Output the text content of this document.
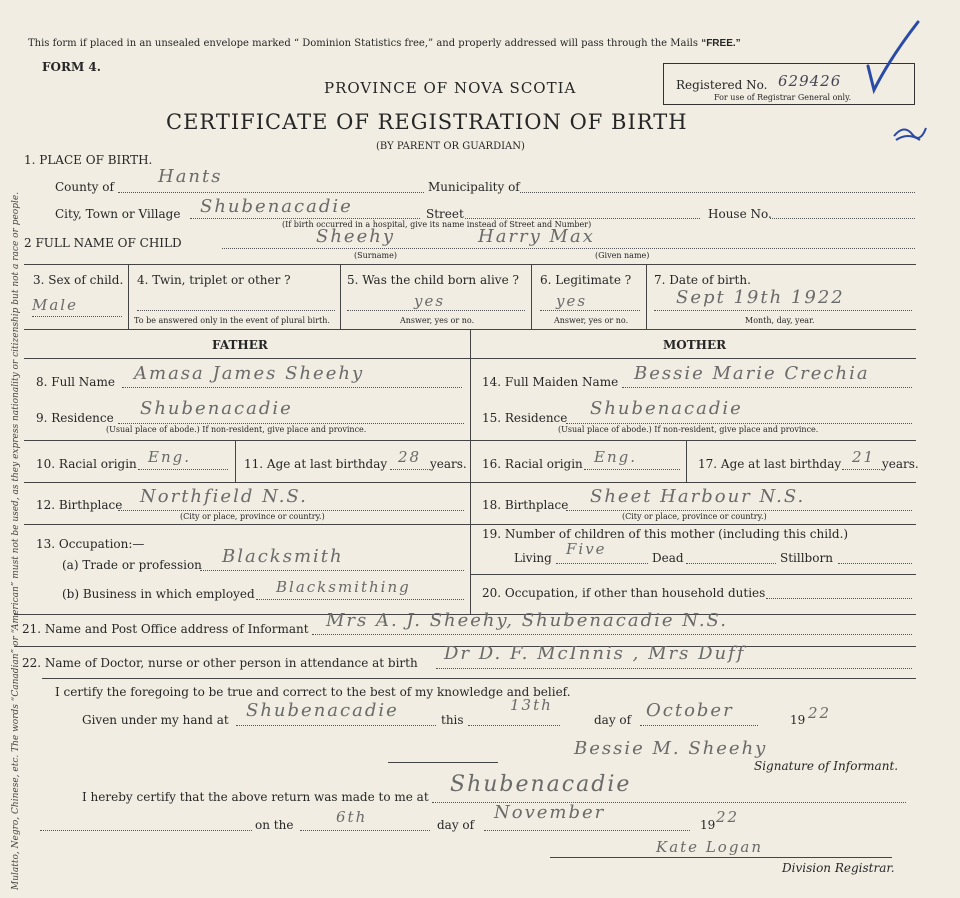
Mulatto, Negro, Chinese, etc. The words “Canadian” or “American” must not be used, as they express nationality or citizenship but not a race or people.
This form if placed in an unsealed envelope marked “ Dominion Statistics free,” and properly addressed will pass through the Mails “FREE.”
FORM 4.
PROVINCE OF NOVA SCOTIA
CERTIFICATE OF REGISTRATION OF BIRTH
(BY PARENT OR GUARDIAN)
Registered No. 629426
For use of Registrar General only.
1. PLACE OF BIRTH.
County of Hants	Municipality of
City, Town or Village Shubenacadie	Street
(If birth occurred in a hospital, give its name instead of Street and Number)
House No.
2 FULL NAME OF CHILD	Sheehy	Harry Max
(Surname)	(Given name)
3. Sex of child.
Male
4. Twin, triplet or other ?
To be answered only in the event of plural birth.
5. Was the child born alive ?
yes
Answer, yes or no.
6. Legitimate ?
yes
Answer, yes or no.
7. Date of birth.
Sept 19th 1922
Month, day, year.
FATHER	MOTHER
8. Full Name Amasa James Sheehy
9. Residence Shubenacadie
(Usual place of abode.) If non-resident, give place and province.
10. Racial origin Eng.	11. Age at last birthday 28 years.
12. Birthplace Northfield N.S.
(City or place, province or country.)
13. Occupation:—
(a) Trade or profession Blacksmith
(b) Business in which employed Blacksmithing
14. Full Maiden Name Bessie Marie Crechia
15. Residence Shubenacadie
(Usual place of abode.) If non-resident, give place and province.
16. Racial origin Eng.	17. Age at last birthday 21 years.
18. Birthplace Sheet Harbour N.S.
(City or place, province or country.)
19. Number of children of this mother (including this child.)
Living Five	Dead	Stillborn
20. Occupation, if other than household duties
21. Name and Post Office address of Informant Mrs A. J. Sheehy, Shubenacadie N.S.
22. Name of Doctor, nurse or other person in attendance at birth Dr D. F. McInnis , Mrs Duff
I certify the foregoing to be true and correct to the best of my knowledge and belief.
Given under my hand at Shubenacadie	this
13th
day of October	19 22
Bessie M. Sheehy
Signature of Informant.
I hereby certify that the above return was made to me at Shubenacadie
on the	6th	day of
November
19 22
Kate Logan
Division Registrar.
